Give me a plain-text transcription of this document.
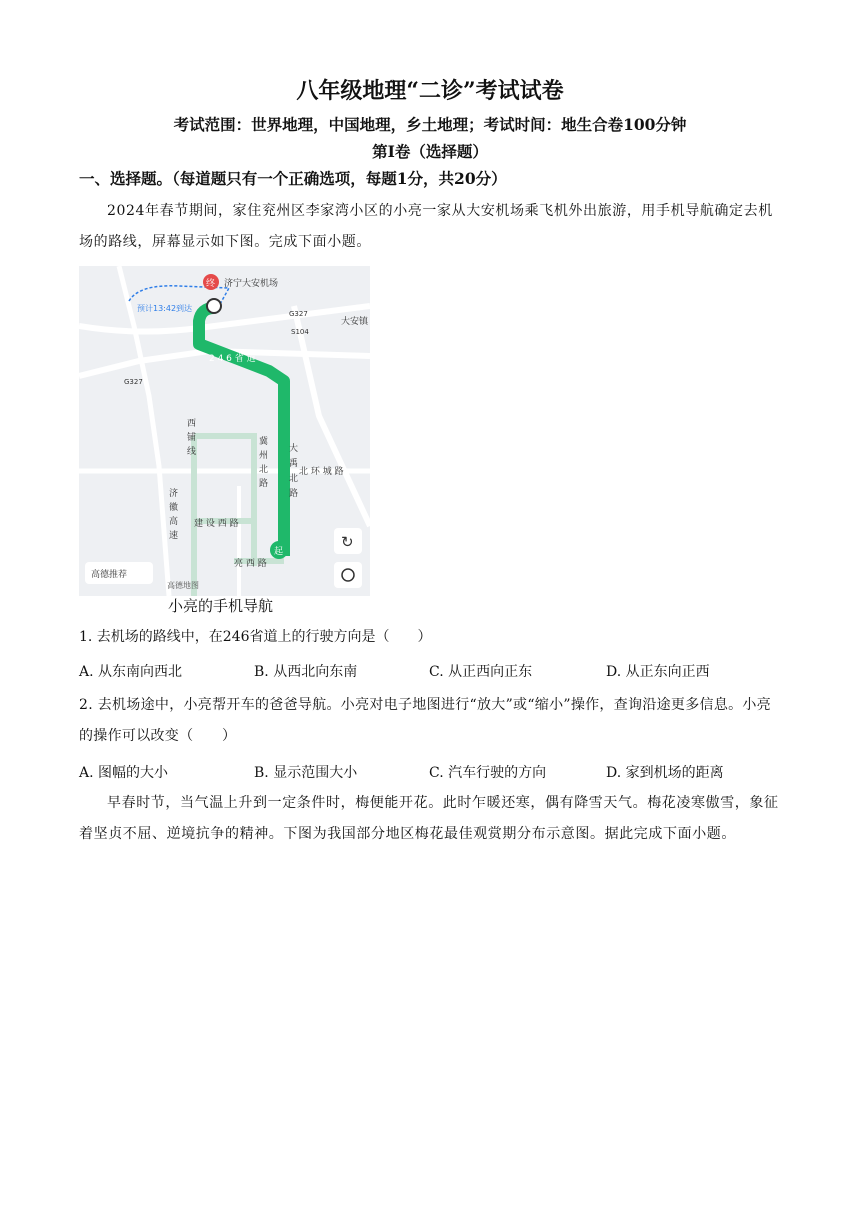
八年级地理“二诊”考试试卷
考试范围：世界地理，中国地理，乡土地理；考试时间：地生合卷100分钟
第I卷（选择题）
一、选择题。（每道题只有一个正确选项，每题1分，共20分）
2024年春节期间，家住兖州区李家湾小区的小亮一家从大安机场乘飞机外出旅游，用手机导航确定去机场的路线，屏幕显示如下图。完成下面小题。
济宁大安机场
预计13:42到达
大安镇
G327
S104
G327
北 环 城 路
建 设 西 路
亮 西 路
2 4 6 省 道
大
禹
北
路
西
铺
线
冀
州
北
路
济
徽
高
速
终
起
↻
高德推荐
高德地图
小亮的手机导航
1. 去机场的路线中，在246省道上的行驶方向是（　　）
A. 从东南向西北	B. 从西北向东南	C. 从正西向正东	D. 从正东向正西
2. 去机场途中，小亮帮开车的爸爸导航。小亮对电子地图进行“放大”或“缩小”操作，查询沿途更多信息。小亮的操作可以改变（　　）
A. 图幅的大小	B. 显示范围大小	C. 汽车行驶的方向	D. 家到机场的距离
早春时节，当气温上升到一定条件时，梅便能开花。此时乍暖还寒，偶有降雪天气。梅花凌寒傲雪，象征着坚贞不屈、逆境抗争的精神。下图为我国部分地区梅花最佳观赏期分布示意图。据此完成下面小题。
